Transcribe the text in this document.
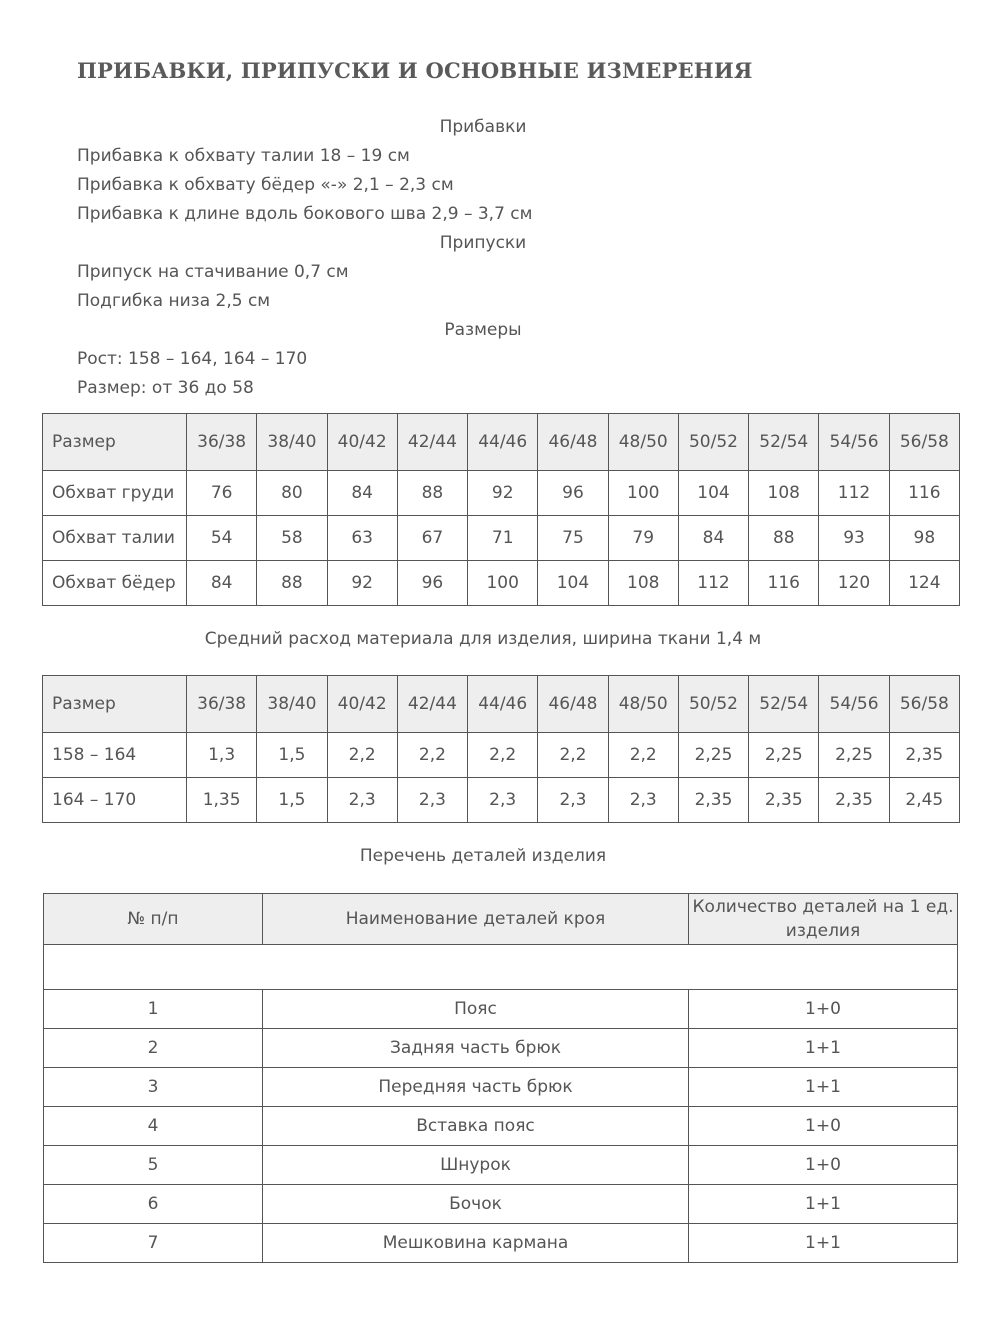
ПРИБАВКИ, ПРИПУСКИ И ОСНОВНЫЕ ИЗМЕРЕНИЯ
Прибавки
Прибавка к обхвату талии 18 – 19 см
Прибавка к обхвату бёдер «-» 2,1 – 2,3 см
Прибавка к длине вдоль бокового шва 2,9 – 3,7 см
Припуски
Припуск на стачивание 0,7 см
Подгибка низа 2,5 см
Размеры
Рост: 158 – 164, 164 – 170
Размер: от 36 до 58
Размер	36/38	38/40	40/42	42/44	44/46	46/48	48/50	50/52	52/54	54/56	56/58
Обхват груди	76	80	84	88	92	96	100	104	108	112	116
Обхват талии	54	58	63	67	71	75	79	84	88	93	98
Обхват бёдер	84	88	92	96	100	104	108	112	116	120	124
Средний расход материала для изделия, ширина ткани 1,4 м
Размер	36/38	38/40	40/42	42/44	44/46	46/48	48/50	50/52	52/54	54/56	56/58
158 – 164	1,3	1,5	2,2	2,2	2,2	2,2	2,2	2,25	2,25	2,25	2,35
164 – 170	1,35	1,5	2,3	2,3	2,3	2,3	2,3	2,35	2,35	2,35	2,45
Перечень деталей изделия
№ п/п	Наименование деталей кроя	Количество деталей на 1 ед. изделия

1	Пояс	1+0
2	Задняя часть брюк	1+1
3	Передняя часть брюк	1+1
4	Вставка пояс	1+0
5	Шнурок	1+0
6	Бочок	1+1
7	Мешковина кармана	1+1
